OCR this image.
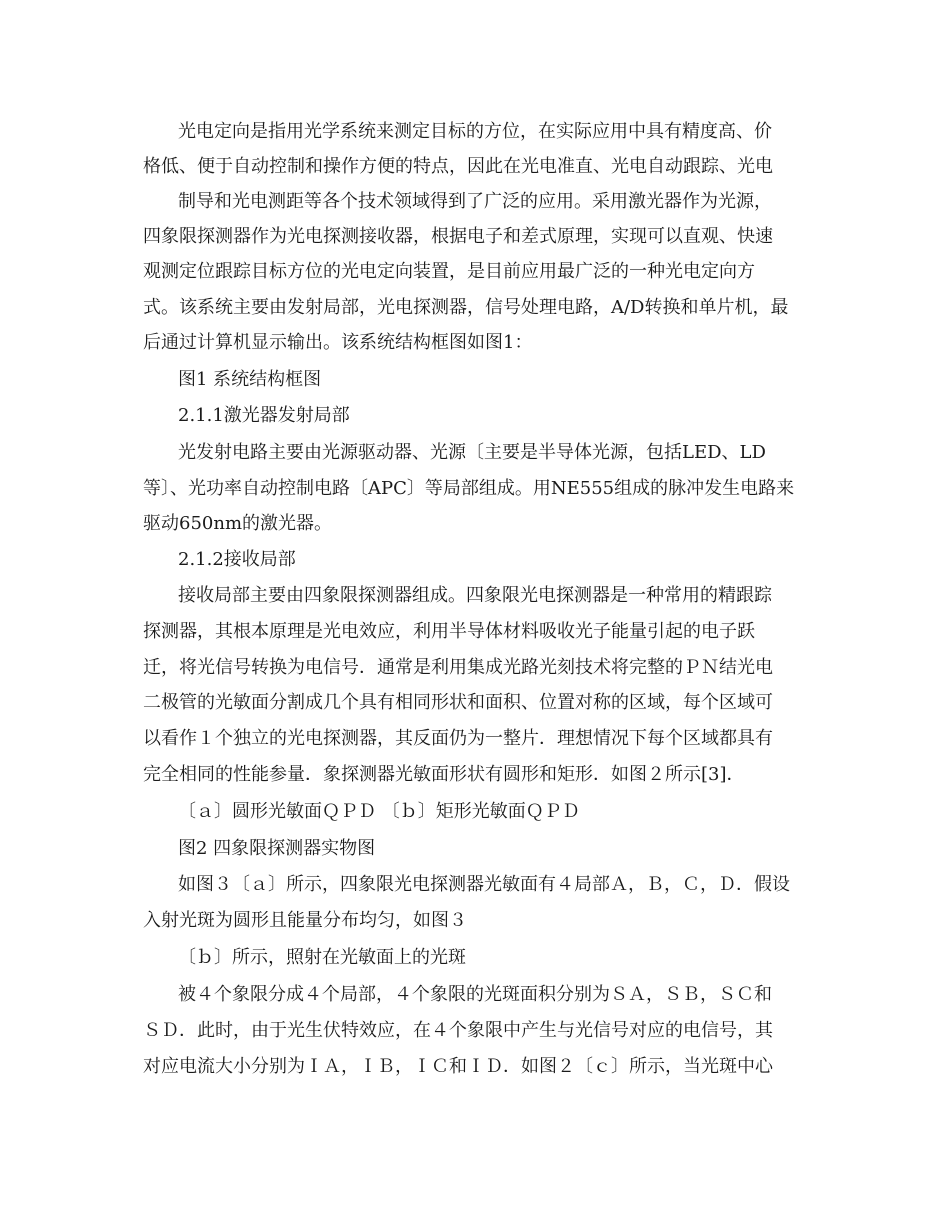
光电定向是指用光学系统来测定目标的方位，在实际应用中具有精度高、价
格低、便于自动控制和操作方便的特点，因此在光电准直、光电自动跟踪、光电
制导和光电测距等各个技术领域得到了广泛的应用。采用激光器作为光源，
四象限探测器作为光电探测接收器，根据电子和差式原理，实现可以直观、快速
观测定位跟踪目标方位的光电定向装置，是目前应用最广泛的一种光电定向方
式。该系统主要由发射局部，光电探测器，信号处理电路，A/D转换和单片机，最
后通过计算机显示输出。该系统结构框图如图1：
图1 系统结构框图
2.1.1激光器发射局部
光发射电路主要由光源驱动器、光源〔主要是半导体光源，包括LED、LD
等〕、光功率自动控制电路〔APC〕等局部组成。用NE555组成的脉冲发生电路来
驱动650nm的激光器。
2.1.2接收局部
接收局部主要由四象限探测器组成。四象限光电探测器是一种常用的精跟踪
探测器，其根本原理是光电效应，利用半导体材料吸收光子能量引起的电子跃
迁，将光信号转换为电信号．通常是利用集成光路光刻技术将完整的ＰＮ结光电
二极管的光敏面分割成几个具有相同形状和面积、位置对称的区域，每个区域可
以看作１个独立的光电探测器，其反面仍为一整片．理想情况下每个区域都具有
完全相同的性能参量．象探测器光敏面形状有圆形和矩形．如图２所示[3]．
〔ａ〕圆形光敏面ＱＰＤ 〔ｂ〕矩形光敏面ＱＰＤ
图2 四象限探测器实物图
如图３〔ａ〕所示，四象限光电探测器光敏面有４局部Ａ，Ｂ，Ｃ，Ｄ．假设
入射光斑为圆形且能量分布均匀，如图３
〔ｂ〕所示，照射在光敏面上的光斑
被４个象限分成４个局部，４个象限的光斑面积分别为ＳＡ，ＳＢ，ＳＣ和
ＳＤ．此时，由于光生伏特效应，在４个象限中产生与光信号对应的电信号，其
对应电流大小分别为ＩＡ，ＩＢ，ＩＣ和ＩＤ．如图２〔ｃ〕所示，当光斑中心
